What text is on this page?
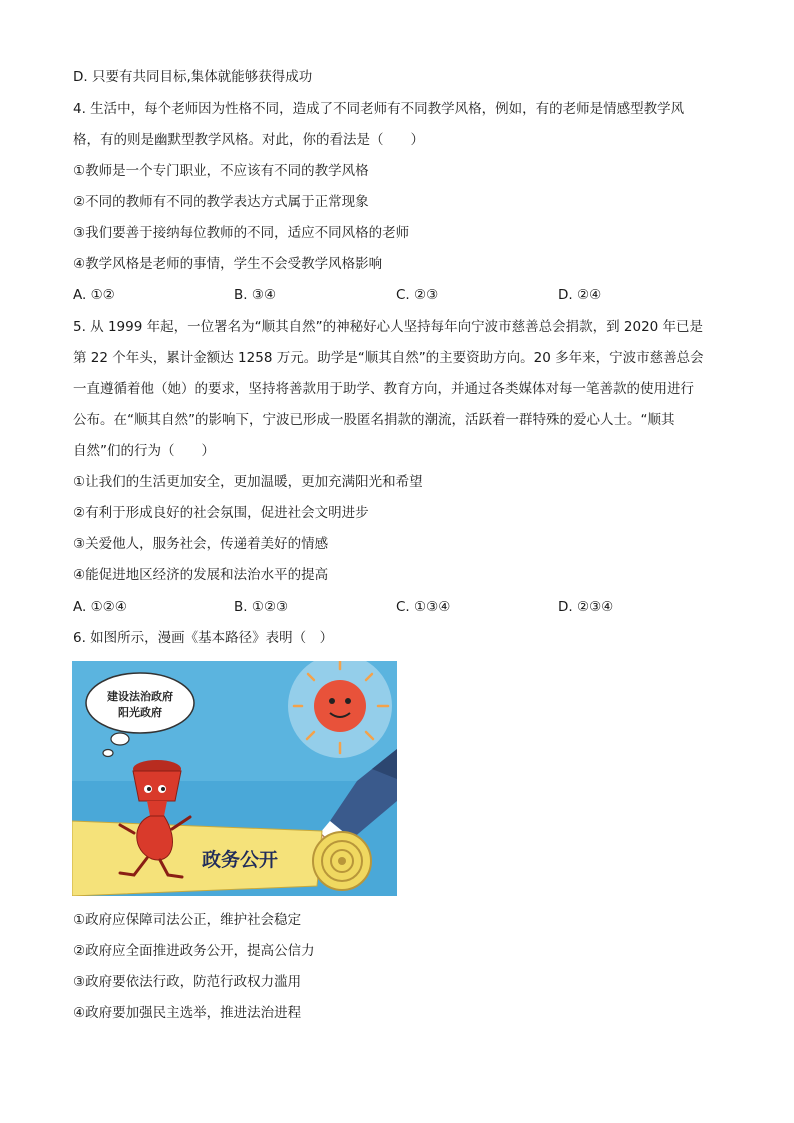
D. 只要有共同目标,集体就能够获得成功
4. 生活中，每个老师因为性格不同，造成了不同老师有不同教学风格，例如，有的老师是情感型教学风
格，有的则是幽默型教学风格。对此，你的看法是（　　）
①教师是一个专门职业，不应该有不同的教学风格
②不同的教师有不同的教学表达方式属于正常现象
③我们要善于接纳每位教师的不同，适应不同风格的老师
④教学风格是老师的事情，学生不会受教学风格影响
A. ①②	B. ③④	C. ②③	D. ②④
5. 从 1999 年起，一位署名为“顺其自然”的神秘好心人坚持每年向宁波市慈善总会捐款，到 2020 年已是
第 22 个年头，累计金额达 1258 万元。助学是“顺其自然”的主要资助方向。20 多年来，宁波市慈善总会
一直遵循着他（她）的要求，坚持将善款用于助学、教育方向，并通过各类媒体对每一笔善款的使用进行
公布。在“顺其自然”的影响下，宁波已形成一股匿名捐款的潮流，活跃着一群特殊的爱心人士。“顺其
自然”们的行为（　　）
①让我们的生活更加安全，更加温暖，更加充满阳光和希望
②有利于形成良好的社会氛围，促进社会文明进步
③关爱他人，服务社会，传递着美好的情感
④能促进地区经济的发展和法治水平的提高
A. ①②④	B. ①②③	C. ①③④	D. ②③④
6. 如图所示，漫画《基本路径》表明（　）
建设法治政府
阳光政府
政务公开
①政府应保障司法公正，维护社会稳定
②政府应全面推进政务公开，提高公信力
③政府要依法行政，防范行政权力滥用
④政府要加强民主选举，推进法治进程
